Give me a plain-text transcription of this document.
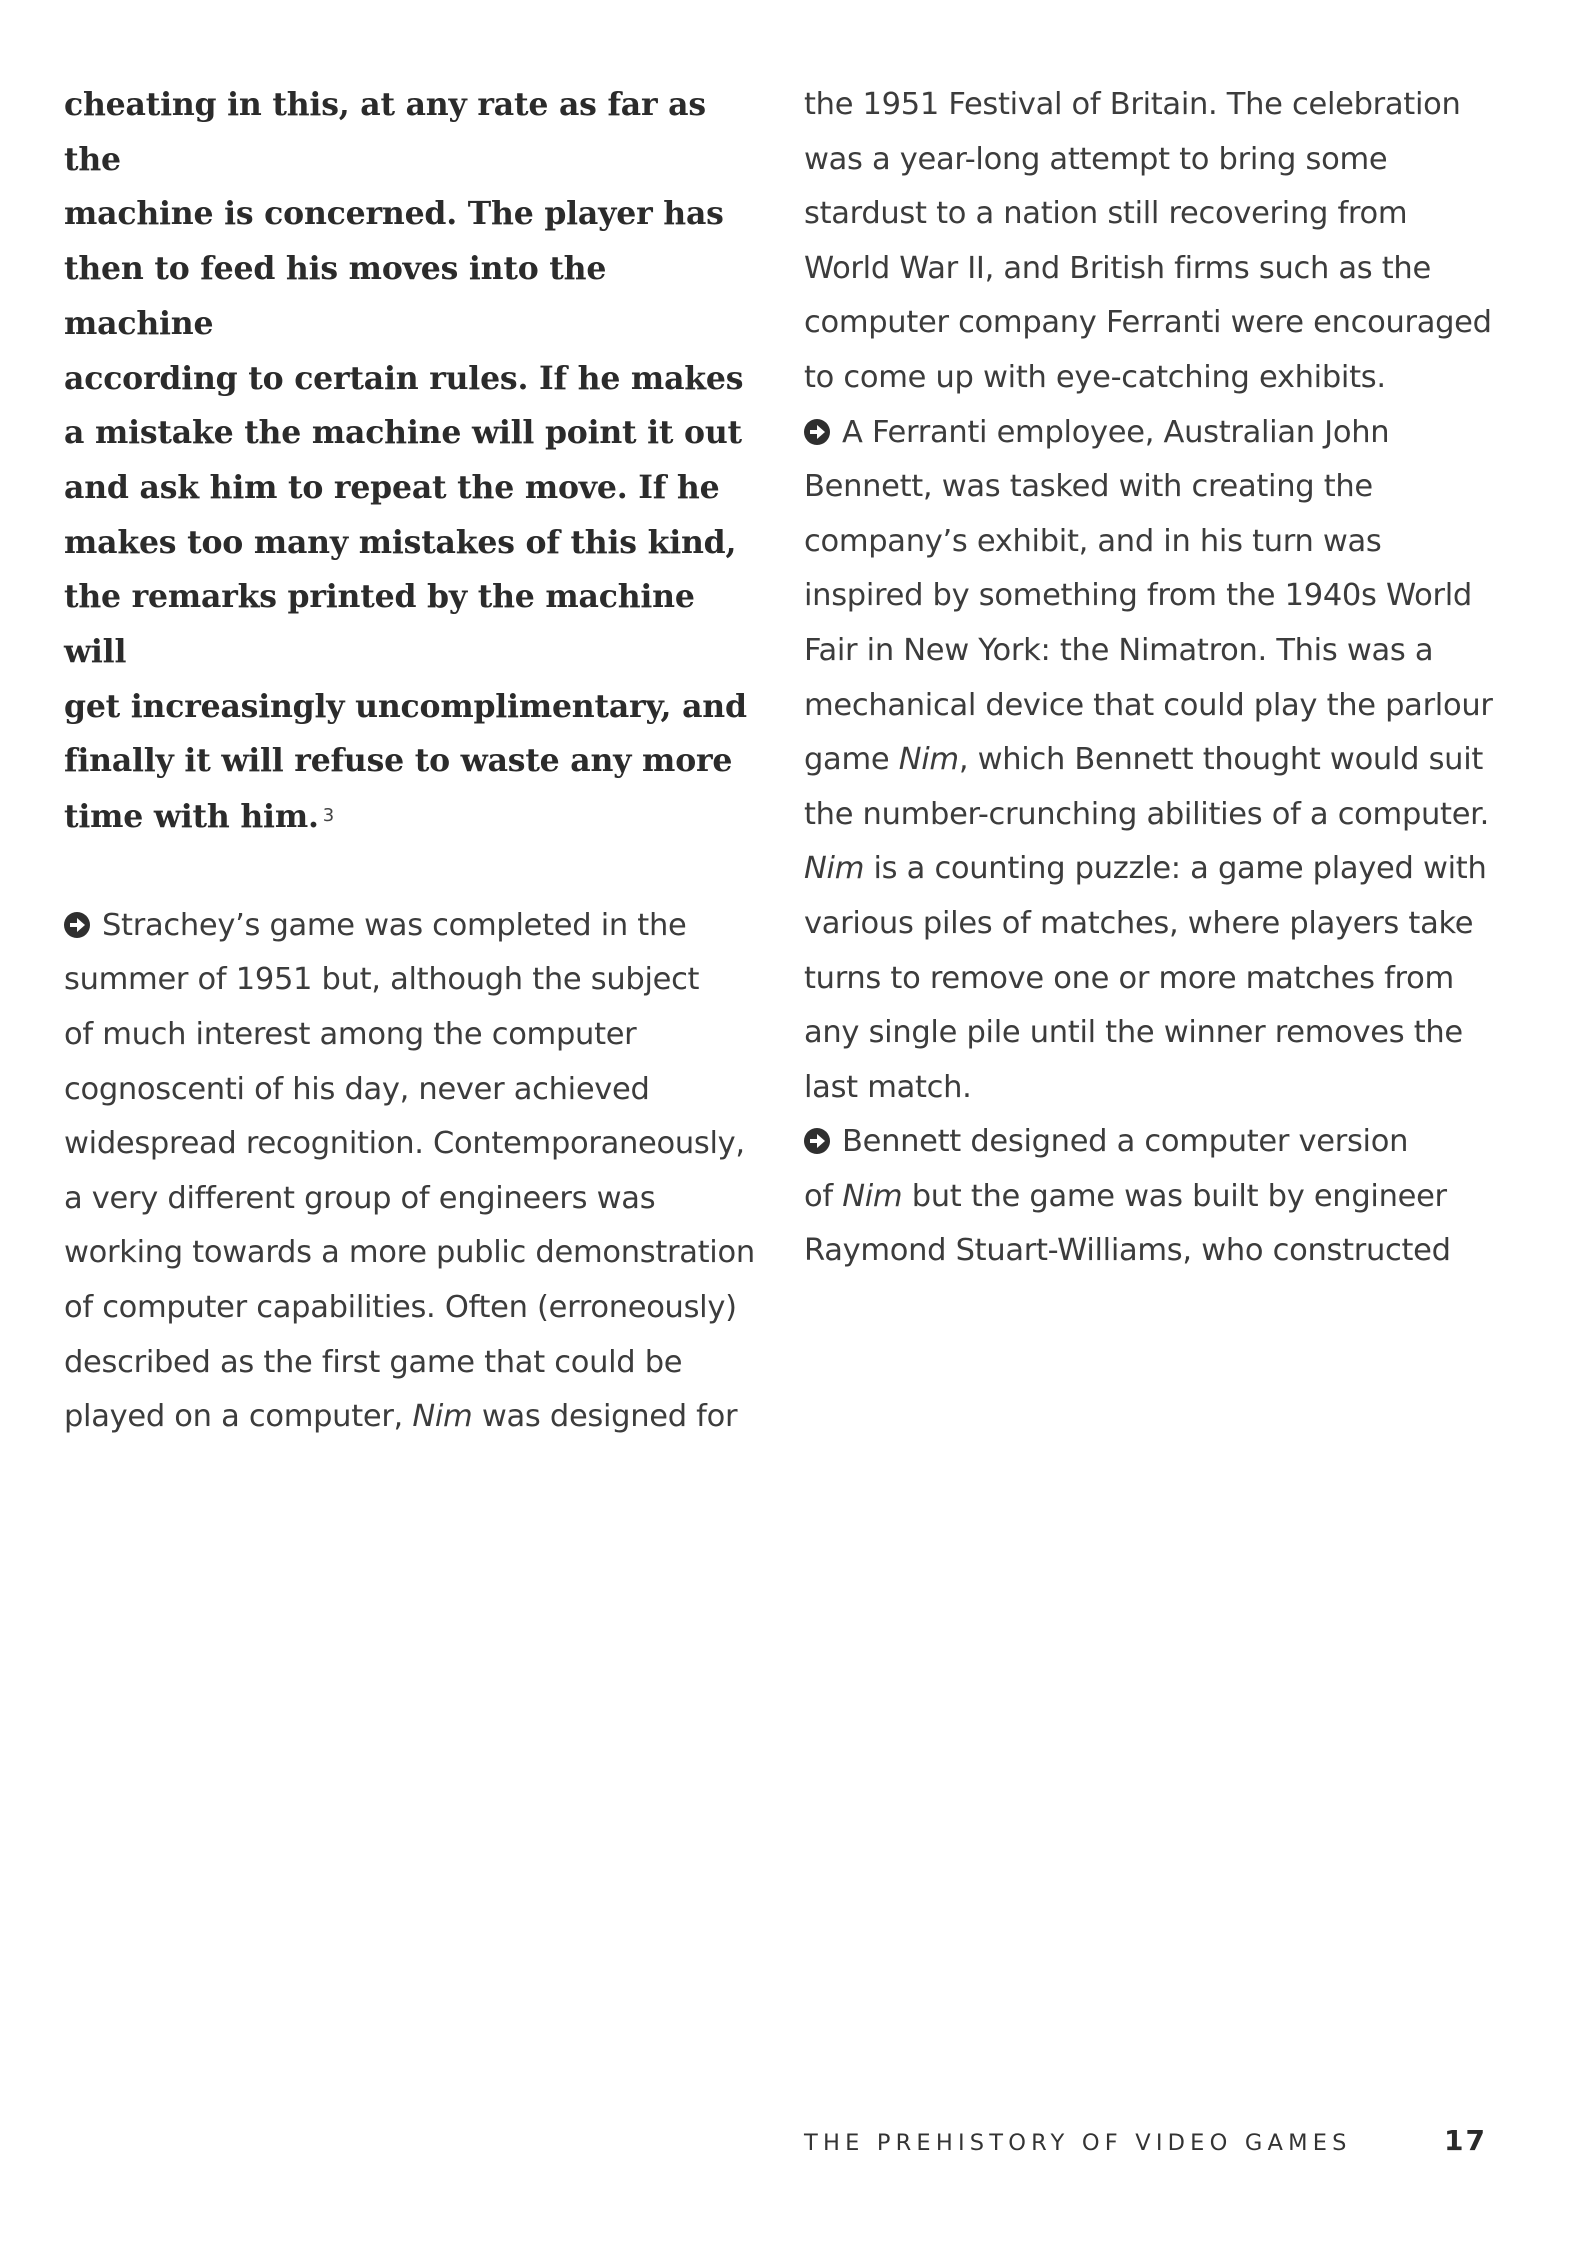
cheating in this, at any rate as far as the
machine is concerned. The player has
then to feed his moves into the machine
according to certain rules. If he makes
a mistake the machine will point it out
and ask him to repeat the move. If he
makes too many mistakes of this kind,
the remarks printed by the machine will
get increasingly uncomplimentary, and
finally it will refuse to waste any more
time with him. 3

Strachey’s game was completed in the
summer of 1951 but, although the subject
of much interest among the computer
cognoscenti of his day, never achieved
widespread recognition. Contemporaneously,
a very different group of engineers was
working towards a more public demonstration
of computer capabilities. Often (erroneously)
described as the first game that could be
played on a computer, Nim was designed for

the 1951 Festival of Britain. The celebration
was a year-long attempt to bring some
stardust to a nation still recovering from
World War II, and British firms such as the
computer company Ferranti were encouraged
to come up with eye-catching exhibits.

A Ferranti employee, Australian John
Bennett, was tasked with creating the
company’s exhibit, and in his turn was
inspired by something from the 1940s World
Fair in New York: the Nimatron. This was a
mechanical device that could play the parlour
game Nim, which Bennett thought would suit
the number-crunching abilities of a computer.
Nim is a counting puzzle: a game played with
various piles of matches, where players take
turns to remove one or more matches from
any single pile until the winner removes the
last match.

Bennett designed a computer version
of Nim but the game was built by engineer
Raymond Stuart-Williams, who constructed

THE PREHISTORY OF VIDEO GAMES	17
